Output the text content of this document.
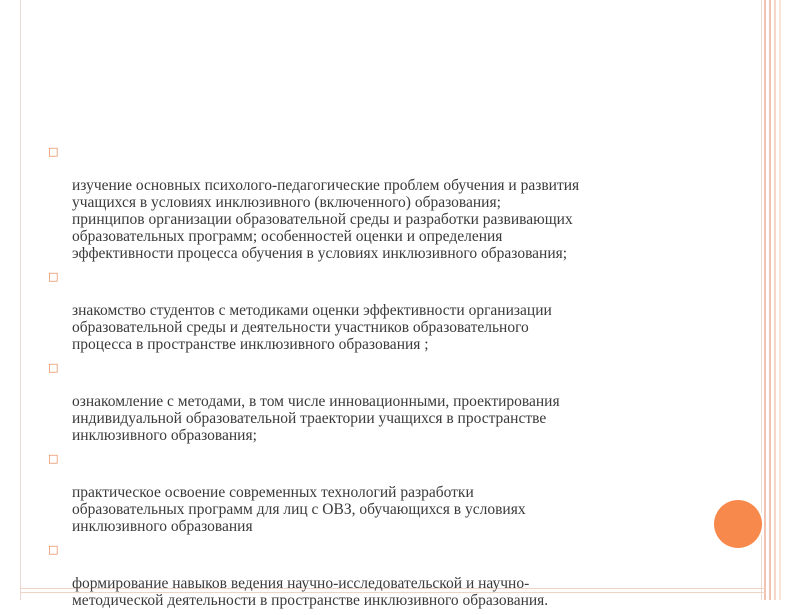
□

изучение основных психолого-педагогические проблем обучения и развития
учащихся в условиях инклюзивного (включенного) образования;
принципов организации образовательной среды и разработки развивающих
образовательных программ; особенностей оценки и определения
эффективности процесса обучения в условиях инклюзивного образования;

□

знакомство студентов с методиками оценки эффективности организации
образовательной среды и деятельности участников образовательного
процесса в пространстве инклюзивного образования ;

□

ознакомление с методами, в том числе инновационными, проектирования
индивидуальной образовательной траектории учащихся в пространстве
инклюзивного образования;

□

практическое освоение современных технологий разработки
образовательных программ для лиц с ОВЗ, обучающихся в условиях
инклюзивного образования

□

формирование навыков ведения научно-исследовательской и научно-
методической деятельности в пространстве инклюзивного образования.
